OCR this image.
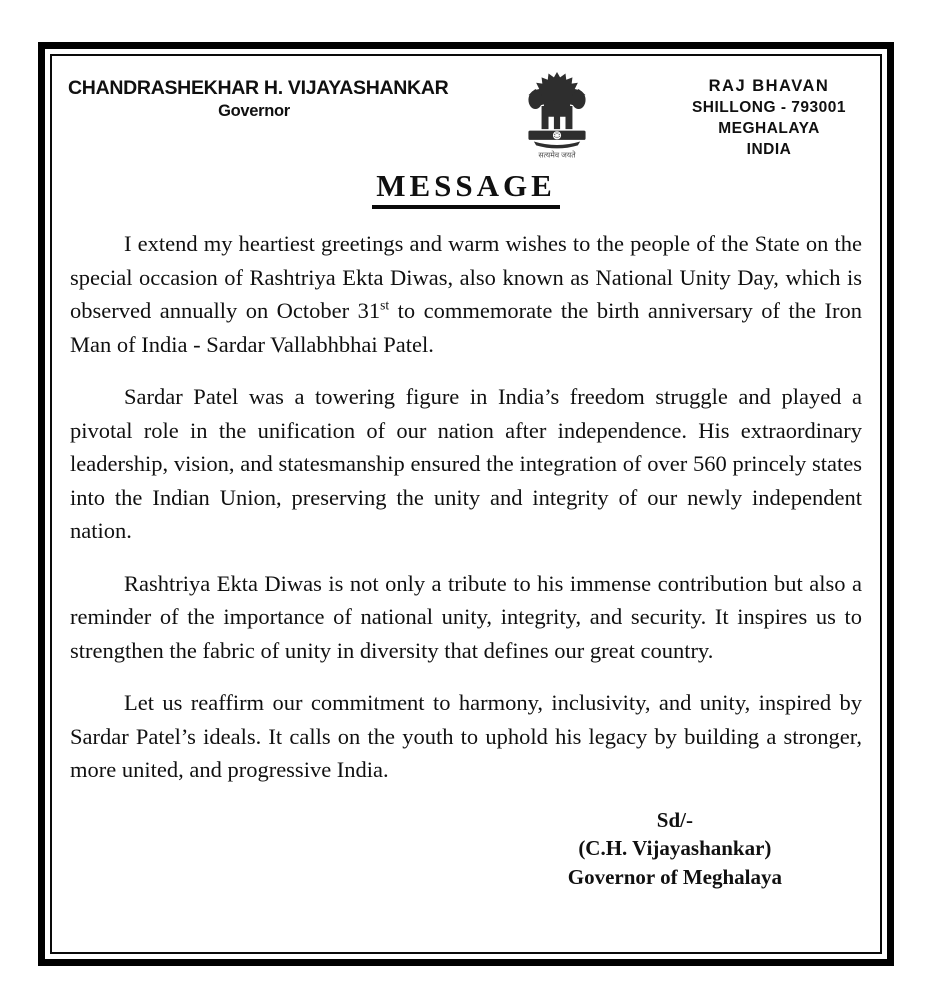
CHANDRASHEKHAR H. VIJAYASHANKAR
Governor
सत्यमेव जयते
RAJ BHAVAN
SHILLONG - 793001
MEGHALAYA
INDIA
MESSAGE

I extend my heartiest greetings and warm wishes to the people of the State on the special occasion of Rashtriya Ekta Diwas, also known as National Unity Day, which is observed annually on October 31st to commemorate the birth anniversary of the Iron Man of India - Sardar Vallabhbhai Patel.

Sardar Patel was a towering figure in India’s freedom struggle and played a pivotal role in the unification of our nation after independence. His extraordinary leadership, vision, and statesmanship ensured the integration of over 560 princely states into the Indian Union, preserving the unity and integrity of our newly independent nation.

Rashtriya Ekta Diwas is not only a tribute to his immense contribution but also a reminder of the importance of national unity, integrity, and security. It inspires us to strengthen the fabric of unity in diversity that defines our great country.

Let us reaffirm our commitment to harmony, inclusivity, and unity, inspired by Sardar Patel’s ideals. It calls on the youth to uphold his legacy by building a stronger, more united, and progressive India.

Sd/-
(C.H. Vijayashankar)
Governor of Meghalaya
